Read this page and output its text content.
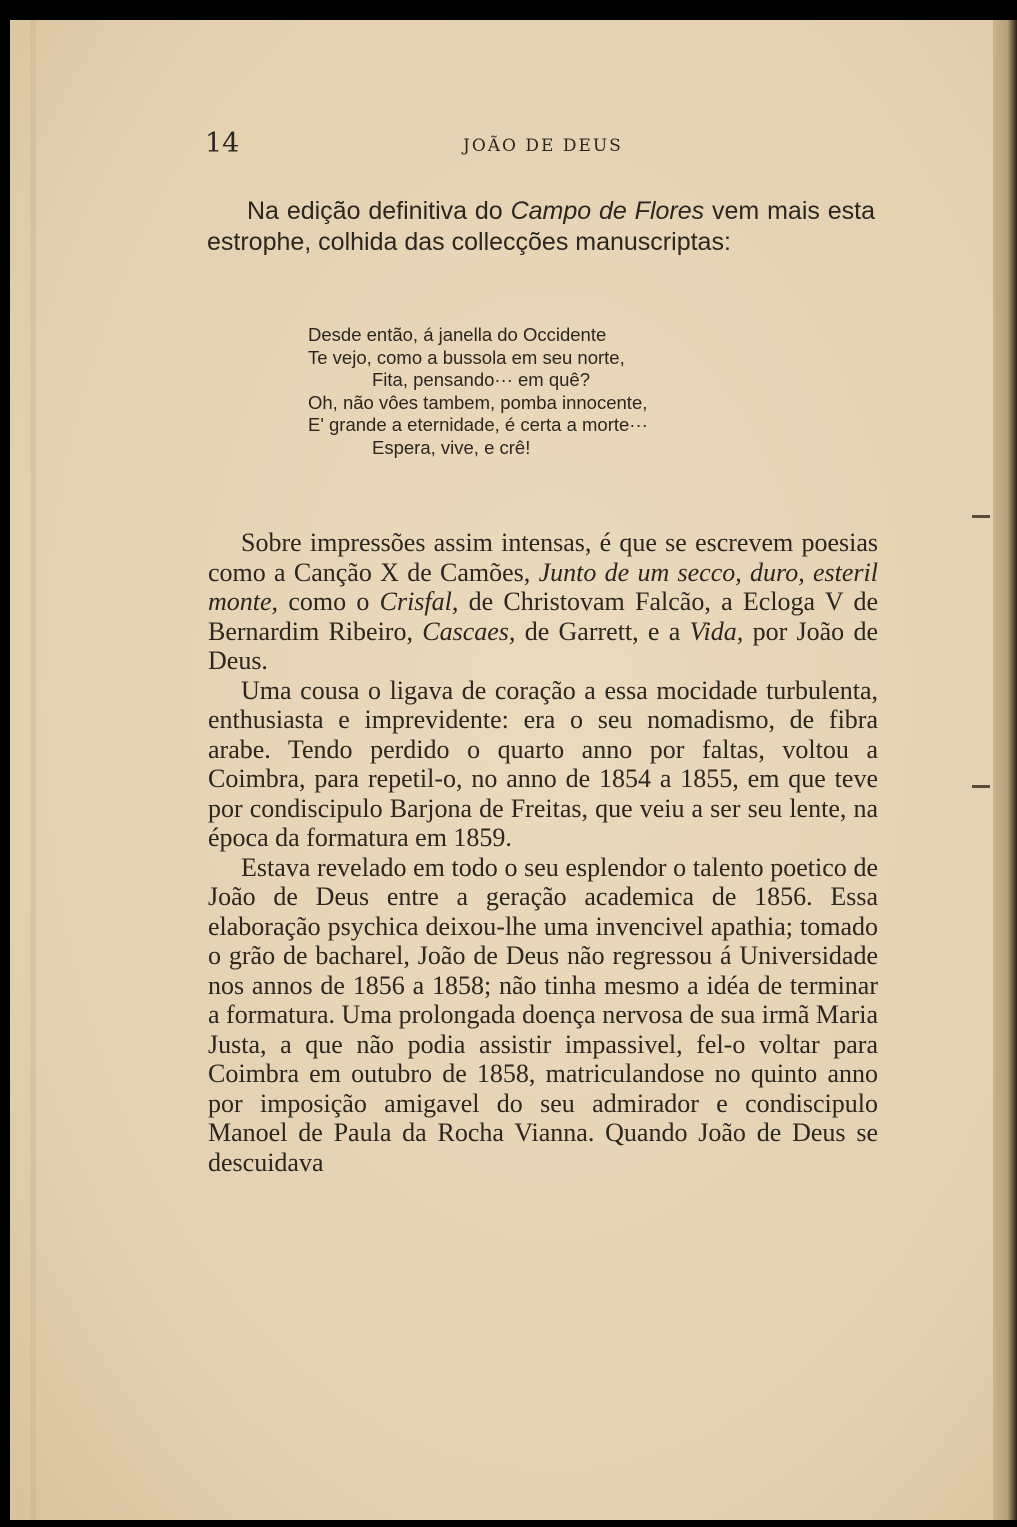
14	JOÃO DE DEUS

Na edição definitiva do Campo de Flores vem mais esta estrophe, colhida das collecções manuscriptas:

Desde então, á janella do Occidente
Te vejo, como a bussola em seu norte,
Fita, pensando··· em quê?
Oh, não vôes tambem, pomba innocente,
E' grande a eternidade, é certa a morte···
Espera, vive, e crê!

Sobre impressões assim intensas, é que se escrevem poesias como a Canção X de Camões, Junto de um secco, duro, esteril monte, como o Crisfal, de Christovam Falcão, a Ecloga V de Bernardim Ribeiro, Cascaes, de Garrett, e a Vida, por João de Deus.

Uma cousa o ligava de coração a essa mocidade turbulenta, enthusiasta e imprevidente: era o seu nomadismo, de fibra arabe. Tendo perdido o quarto anno por faltas, voltou a Coimbra, para repetil-o, no anno de 1854 a 1855, em que teve por condiscipulo Barjona de Freitas, que veiu a ser seu lente, na época da formatura em 1859.

Estava revelado em todo o seu esplendor o talento poetico de João de Deus entre a geração academica de 1856. Essa elaboração psychica deixou-lhe uma invencivel apathia; tomado o grão de bacharel, João de Deus não regressou á Universidade nos annos de 1856 a 1858; não tinha mesmo a idéa de terminar a formatura. Uma prolongada doença nervosa de sua irmã Maria Justa, a que não podia assistir impassivel, fel-o voltar para Coimbra em outubro de 1858, matriculandose no quinto anno por imposição amigavel do seu admirador e condiscipulo Manoel de Paula da Rocha Vianna. Quando João de Deus se descuidava
